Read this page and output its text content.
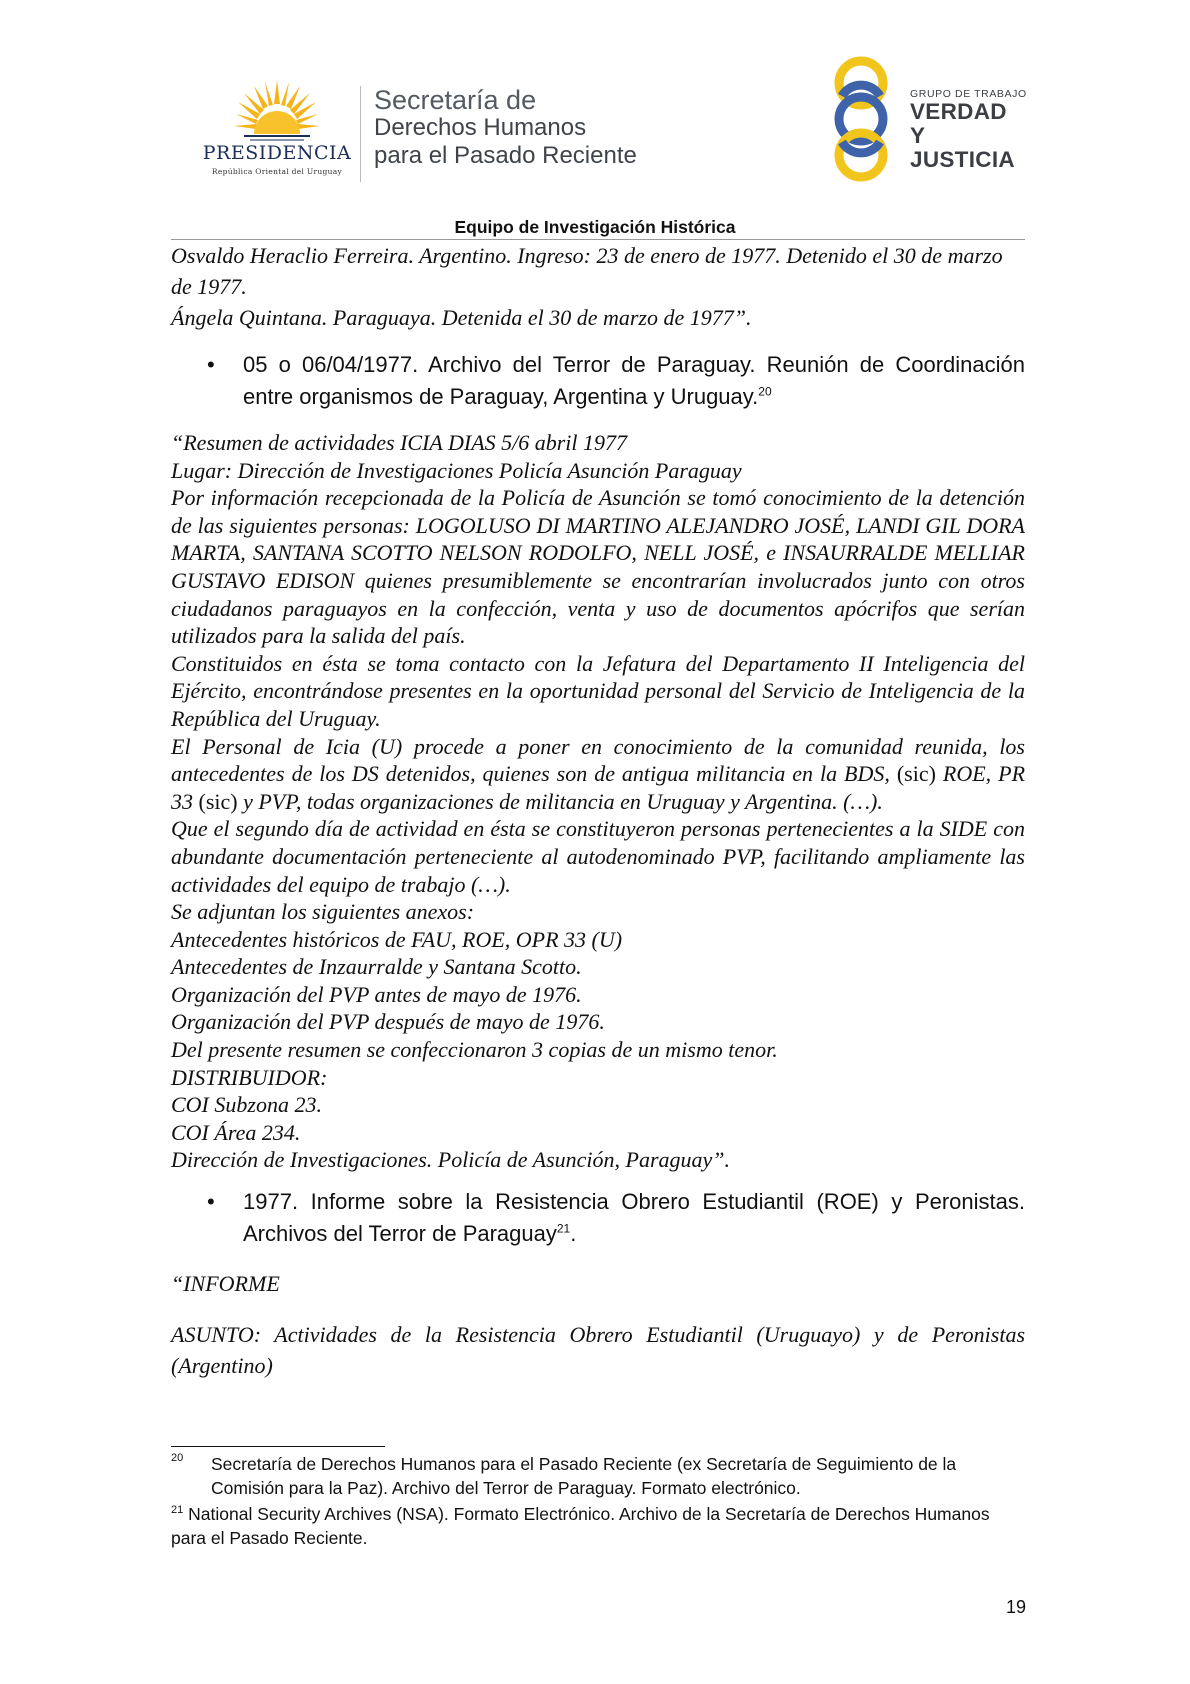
PRESIDENCIA
República Oriental del Uruguay
Secretaría de
Derechos Humanos
para el Pasado Reciente
GRUPO DE TRABAJO
VERDAD Y
JUSTICIA
Equipo de Investigación Histórica

Osvaldo Heraclio Ferreira. Argentino. Ingreso: 23 de enero de 1977. Detenido el 30 de marzo de 1977.

Ángela Quintana. Paraguaya. Detenida el 30 de marzo de 1977”.

• 05 o 06/04/1977. Archivo del Terror de Paraguay. Reunión de Coordinación entre organismos de Paraguay, Argentina y Uruguay.$^{20}$

“Resumen de actividades ICIA DIAS 5/6 abril 1977

Lugar: Dirección de Investigaciones Policía Asunción Paraguay

Por información recepcionada de la Policía de Asunción se tomó conocimiento de la detención de las siguientes personas: LOGOLUSO DI MARTINO ALEJANDRO JOSÉ, LANDI GIL DORA MARTA, SANTANA SCOTTO NELSON RODOLFO, NELL JOSÉ, e INSAURRALDE MELLIAR GUSTAVO EDISON quienes presumiblemente se encontrarían involucrados junto con otros ciudadanos paraguayos en la confección, venta y uso de documentos apócrifos que serían utilizados para la salida del país.

Constituidos en ésta se toma contacto con la Jefatura del Departamento II Inteligencia del Ejército, encontrándose presentes en la oportunidad personal del Servicio de Inteligencia de la República del Uruguay.

El Personal de Icia (U) procede a poner en conocimiento de la comunidad reunida, los antecedentes de los DS detenidos, quienes son de antigua militancia en la BDS, (sic) ROE, PR 33 (sic) y PVP, todas organizaciones de militancia en Uruguay y Argentina. (…).

Que el segundo día de actividad en ésta se constituyeron personas pertenecientes a la SIDE con abundante documentación perteneciente al autodenominado PVP, facilitando ampliamente las actividades del equipo de trabajo (…).

Se adjuntan los siguientes anexos:

Antecedentes históricos de FAU, ROE, OPR 33 (U)

Antecedentes de Inzaurralde y Santana Scotto.

Organización del PVP antes de mayo de 1976.

Organización del PVP después de mayo de 1976.

Del presente resumen se confeccionaron 3 copias de un mismo tenor.

DISTRIBUIDOR:

COI Subzona 23.

COI Área 234.

Dirección de Investigaciones. Policía de Asunción, Paraguay”.

• 1977. Informe sobre la Resistencia Obrero Estudiantil (ROE) y Peronistas. Archivos del Terror de Paraguay$^{21}$.

“INFORME

ASUNTO: Actividades de la Resistencia Obrero Estudiantil (Uruguayo) y de Peronistas (Argentino)

20 Secretaría de Derechos Humanos para el Pasado Reciente (ex Secretaría de Seguimiento de la Comisión para la Paz). Archivo del Terror de Paraguay. Formato electrónico.
$^{21}$ National Security Archives (NSA). Formato Electrónico. Archivo de la Secretaría de Derechos Humanos para el Pasado Reciente.
19
